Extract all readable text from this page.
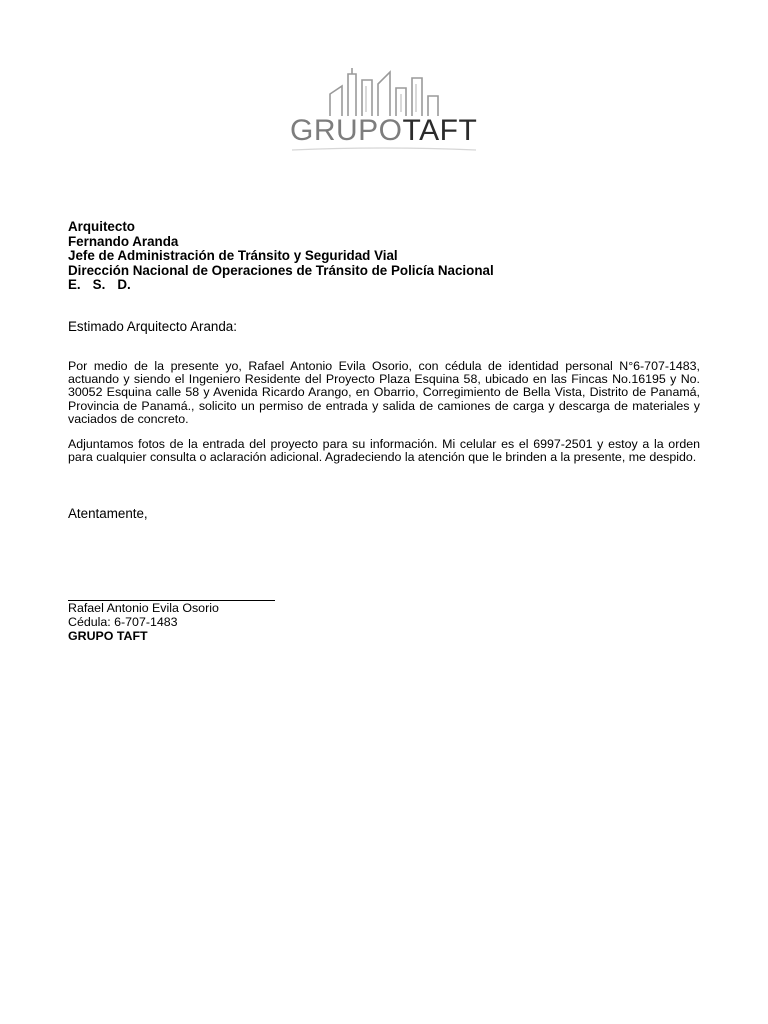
GRUPOTAFT
Arquitecto
Fernando Aranda
Jefe de Administración de Tránsito y Seguridad Vial
Dirección Nacional de Operaciones de Tránsito de Policía Nacional
E. S. D.
Estimado Arquitecto Aranda:
Por medio de la presente yo, Rafael Antonio Evila Osorio, con cédula de identidad personal N°6-707-1483, actuando y siendo el Ingeniero Residente del Proyecto Plaza Esquina 58, ubicado en las Fincas No.16195 y No. 30052 Esquina calle 58 y Avenida Ricardo Arango, en Obarrio, Corregimiento de Bella Vista, Distrito de Panamá, Provincia de Panamá., solicito un permiso de entrada y salida de camiones de carga y descarga de materiales y vaciados de concreto.
Adjuntamos fotos de la entrada del proyecto para su información. Mi celular es el 6997-2501 y estoy a la orden para cualquier consulta o aclaración adicional. Agradeciendo la atención que le brinden a la presente, me despido.
Atentamente,
Rafael Antonio Evila Osorio
Cédula: 6-707-1483
GRUPO TAFT
